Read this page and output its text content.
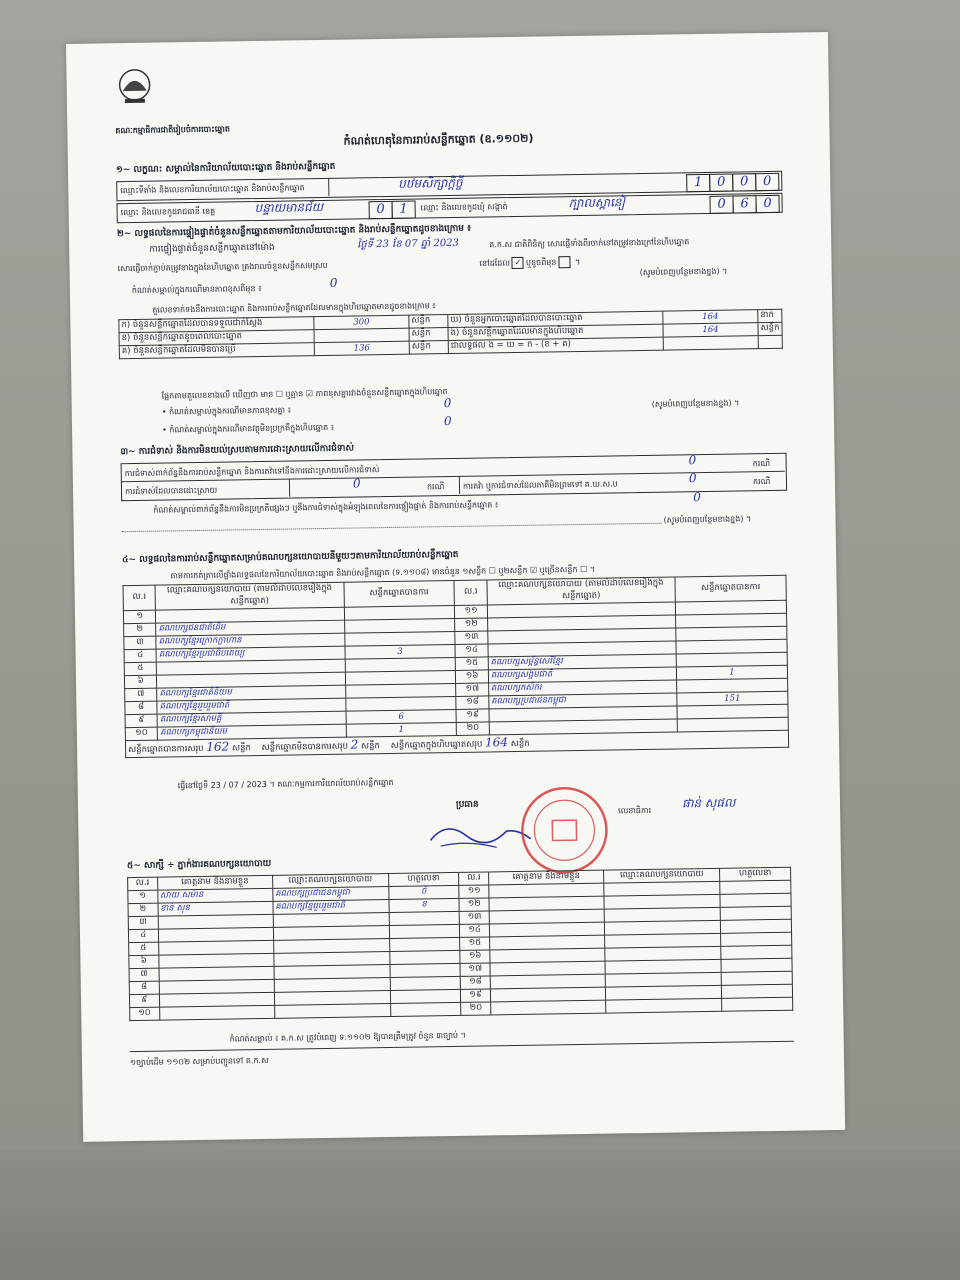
គណៈកម្មាធិការជាតិរៀបចំការបោះឆ្នោត
កំណត់ហេតុនៃការរាប់សន្លឹកឆ្នោត (ឧ.១១០២)
១~ លក្ខណ: សម្គាល់នៃការិយាល័យបោះឆ្នោត និងរាប់សន្លឹកឆ្នោត
ឈ្មោះទីតាំង និងលេខការិយាល័យបោះឆ្នោត និងរាប់សន្លឹកឆ្នោត	បឋមសិក្សាក្តិច្ចី	1	0	0	0
ឈ្មោះ និងលេខកូដរាជធានី ខេត្ត	បន្ទាយមានជ័យ	0	1	ឈ្មោះ និងលេខកូដឃុំ សង្កាត់	ក្បាលស្ពានៀ	0	6	0
២~ លទ្ធផលនៃការផ្ទៀងផ្ទាត់ចំនួនសន្លឹកឆ្នោតតាមការិយាល័យបោះឆ្នោត និងរាប់សន្លឹកឆ្នោតដូចខាងក្រោម ៖
ការផ្ទៀងផ្ទាត់ចំនួនសន្លឹកឆ្នោតនៅម៉ោង	ថ្ងៃទី 23 ខែ 07 ឆ្នាំ 2023	គ.ក.ស ជាតិពិនិត្យ សោរផ្ញើទាំងពីរចាក់នៅតម្រូវខាងក្រៅនៃហិបឆ្នោត
សោរផ្ញើចាក់ភ្ជាប់តម្រូវខាងក្នុងនៃហិបឆ្នោត គ្រងរាលចំនួនសន្លឹកសមស្រប	នៅដដែល ✓ ឬខូចពីមុន ។
(សូមបំពេញបន្ថែមខាងខ្នង) ។
កំណត់សម្គាល់ក្នុងករណីមានភាពខុសពីមុន ៖	0
តួលេខទាក់ទងនឹងការបោះឆ្នោត និងការរាប់សន្លឹកឆ្នោតដែលមានក្នុងហិបឆ្នោតមានដូចខាងក្រោម ៖
ក) ចំនួនសន្លឹកឆ្នោតដែលបានទទួលជាក់ស្តែង	300	សន្លឹក	ឃ) ចំនួនអ្នកបោះឆ្នោតដែលបានបោះឆ្នោត	164	នាក់
ខ) ចំនួនសន្លឹកឆ្នោតខូចពេលបោះឆ្នោត		សន្លឹក	ង) ចំនួនសន្លឹកឆ្នោតដែលមានក្នុងហិបឆ្នោត	164	សន្លឹក
គ) ចំនួនសន្លឹកឆ្នោតដែលមិនបានប្រើ	136	សន្លឹក	ជាលទ្ធផល ង = ឃ = ក - (ខ + គ)		
ផ្អែកតាមតួលេខខាងលើ ឃើញថា មាន ☐ ឬគ្មាន ☑ ភាពខុសគ្នារវាងចំនួនសន្លឹកឆ្នោតក្នុងហិបឆ្នោត
• កំណត់សម្គាល់ក្នុងករណីមានភាពខុសគ្នា ៖
0	(សូមបំពេញបន្ថែមខាងខ្នង) ។
• កំណត់សម្គាល់ក្នុងករណីមានវត្ថុមិនប្រក្រតីក្នុងហិបឆ្នោត ៖
0
៣~ ការជំទាស់ និងការមិនយល់ស្របតាមការដោះស្រាយលើការជំទាស់
ការជំទាស់ពាក់ព័ន្ធនឹងការរាប់សន្លឹកឆ្នោត និងការតវ៉ាទៅនឹងការដោះស្រាយលើការជំទាស់
0	ករណី
ការជំទាស់ដែលបានដោះស្រាយ
0	ករណី ការតវ៉ា ឬការជំទាស់ដែលភាគីមិនព្រមទៅ គ.ឃ.ស.ប	0	ករណី
កំណត់សម្គាល់ពាក់ព័ន្ធនឹងការមិនប្រក្រតីផ្សេងៗ ឬនឹងការជំទាស់ក្នុងអំឡុងពេលនៃការផ្ទៀងផ្ទាត់ និងការរាប់សន្លឹកឆ្នោត ៖
0
(សូមបំពេញបន្ថែមខាងខ្នង) ។
៤~ លទ្ធផលនៃការរាប់សន្លឹកឆ្នោតសម្រាប់គណបក្សនយោបាយនីមួយៗតាមការិយាល័យរាប់សន្លឹកឆ្នោត
តាមការកត់ត្រាលើផ្ទាំងលទ្ធផលនៃការិយាល័យបោះឆ្នោត និងរាប់សន្លឹកឆ្នោត (ទ.១១០៨) មានចំនួន ១សន្លឹក ☐ ឬ២សន្លឹក ☑ ឬច្រើនសន្លឹក ☐ ។
ល.រ	ឈ្មោះគណបក្សនយោបាយ (តាមលំដាប់លេខរៀងក្នុងសន្លឹកឆ្នោត)	សន្លឹកឆ្នោតបានការ	ល.រ	ឈ្មោះគណបក្សនយោបាយ (តាមលំដាប់លេខរៀងក្នុងសន្លឹកឆ្នោត)	សន្លឹកឆ្នោតបានការ
១			១១		
២	គណបក្សជនជាតិដើម		១២		
៣	គណបក្សខ្មែរក្រោកក្លាហាន		១៣		
៤	គណបក្សខ្មែរប្រជាធិបតេយ្យ	3	១៤		
៥			១៥	គណបក្សសម្ព័ន្ធសេរីខ្មែរ	
៦			១៦	គណបក្សសង្គមជាតិ	1
៧	គណបក្សខ្មែរជាតិនិយម		១៧	គណបក្សកសិករ	
៨	គណបក្សខ្មែររួបរួមជាតិ		១៨	គណបក្សប្រជាជនកម្ពុជា	151
៩	គណបក្សខ្មែរសាមគ្គី	6	១៩		
១០	គណបក្សកម្ពុជានិយម	1	២០		
សន្លឹកឆ្នោតបានការសរុប 162 សន្លឹក សន្លឹកឆ្នោតមិនបានការសរុប 2 សន្លឹក សន្លឹកឆ្នោតក្នុងហិបឆ្នោតសរុប 164 សន្លឹក					
ធ្វើនៅថ្ងៃទី 23 / 07 / 2023 ។ គណៈកម្មការការិយាល័យរាប់សន្លឹកឆ្នោត
ប្រធាន
លេខាធិការ
ផាន់ សុផល
៥~ សាក្សី ÷ ភ្នាក់ងារគណបក្សនយោបាយ
ល.រ	គោត្តនាម និងនាមខ្លួន	ឈ្មោះគណបក្សនយោបាយ	ហត្ថលេខា	ល.រ	គោត្តនាម និងនាមខ្លួន	ឈ្មោះគណបក្សនយោបាយ	ហត្ថលេខា
១	សាយ សម៉ាន	គណបក្សប្រជាជនកម្ពុជា	ចំ	១១			
២	ខាន់ សុខ	គណបក្សខ្មែររួបរួមជាតិ	ខ	១២			
៣				១៣			
៤				១៤			
៥				១៥			
៦				១៦			
៧				១៧			
៨				១៨			
៩				១៩			
១០				២០			
កំណត់សម្គាល់ ៖ គ.ក.ស ត្រូវបំពេញ ទ.១១០២ ឱ្យបានត្រឹមត្រូវ ចំនួន ៣ច្បាប់ ។
១ច្បាប់ដើម ១១០២ សម្រាប់បញ្ជូនទៅ គ.ក.ស
